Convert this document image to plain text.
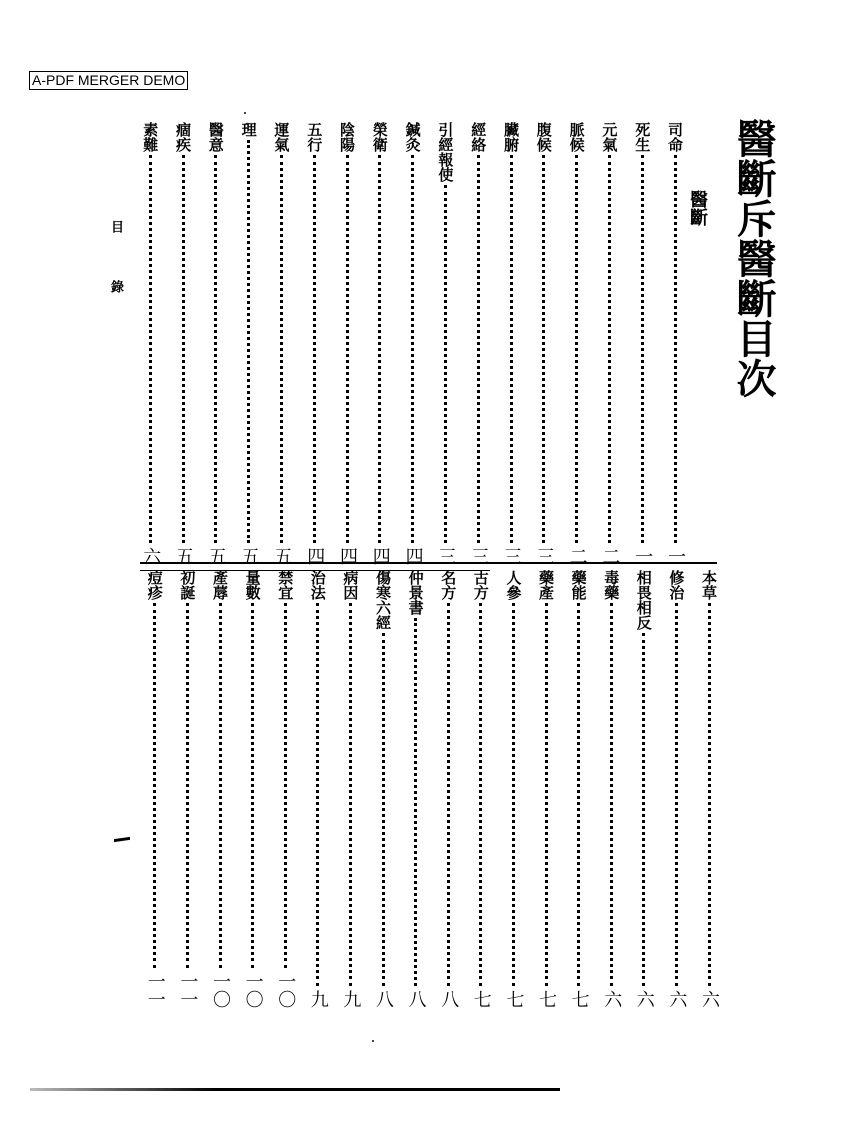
A-PDF MERGER DEMO
醫斷斥醫斷目次
醫斷
目
錄
司命
一
死生
一
元氣
二
脈候
二
腹候
三
臟腑
三
經絡
三
引經報使
三
鍼灸
四
榮衛
四
陰陽
四
五行
四
運氣
五
理
五
醫意
五
痼疾
五
素難
六
本草
六
修治
六
相畏相反
六
毒藥
六
藥能
七
藥產
七
人參
七
古方
七
名方
八
仲景書
八
傷寒六經
八
病因
九
治法
九
禁宜
一〇
量數
一〇
產蓐
一〇
初誕
一一
痘疹
一一
